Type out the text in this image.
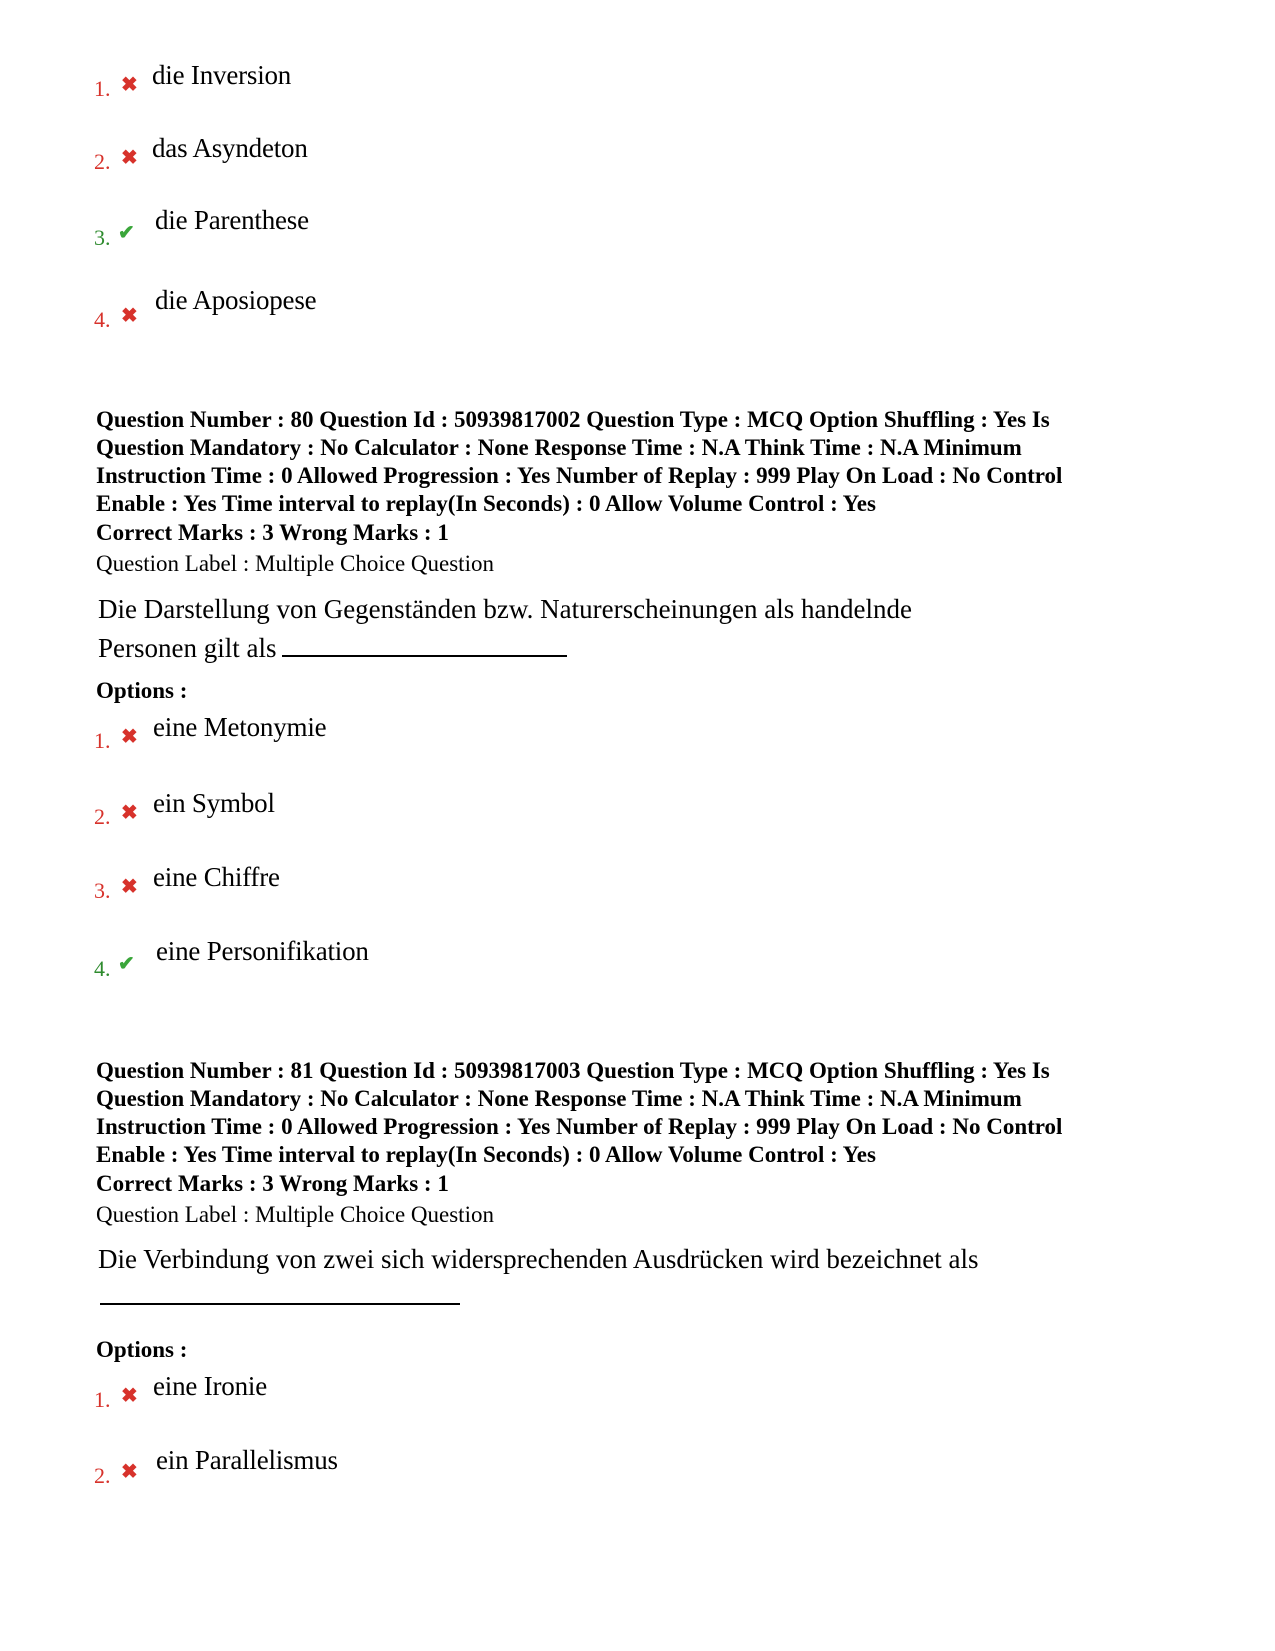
1. ✖ die Inversion
2. ✖ das Asyndeton
3. ✔ die Parenthese
4. ✖
die Aposiopese
Question Number : 80 Question Id : 50939817002 Question Type : MCQ Option Shuffling : Yes Is
Question Mandatory : No Calculator : None Response Time : N.A Think Time : N.A Minimum
Instruction Time : 0 Allowed Progression : Yes Number of Replay : 999 Play On Load : No Control
Enable : Yes Time interval to replay(In Seconds) : 0 Allow Volume Control : Yes
Correct Marks : 3 Wrong Marks : 1
Question Label : Multiple Choice Question
Die Darstellung von Gegenständen bzw. Naturerscheinungen als handelnde
Personen gilt als
Options :
1. ✖ eine Metonymie
2. ✖ ein Symbol
3. ✖ eine Chiffre
4. ✔ eine Personifikation
Question Number : 81 Question Id : 50939817003 Question Type : MCQ Option Shuffling : Yes Is
Question Mandatory : No Calculator : None Response Time : N.A Think Time : N.A Minimum
Instruction Time : 0 Allowed Progression : Yes Number of Replay : 999 Play On Load : No Control
Enable : Yes Time interval to replay(In Seconds) : 0 Allow Volume Control : Yes
Correct Marks : 3 Wrong Marks : 1
Question Label : Multiple Choice Question
Die Verbindung von zwei sich widersprechenden Ausdrücken wird bezeichnet als
Options :
1. ✖ eine Ironie
2. ✖ ein Parallelismus
